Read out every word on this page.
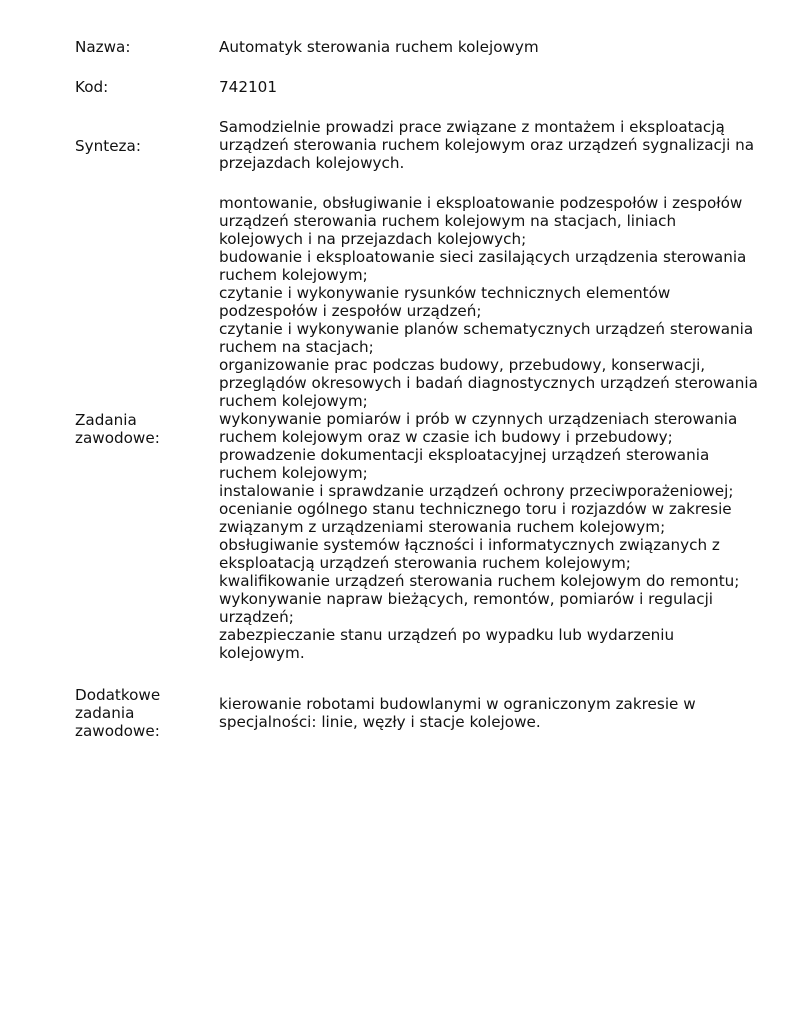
Nazwa:	Automatyk sterowania ruchem kolejowym
Kod:	742101
Synteza:
Samodzielnie prowadzi prace związane z montażem i eksploatacją urządzeń sterowania ruchem kolejowym oraz urządzeń sygnalizacji na przejazdach kolejowych.
Zadania
zawodowe:
montowanie, obsługiwanie i eksploatowanie podzespołów i zespołów urządzeń sterowania ruchem kolejowym na stacjach, liniach kolejowych i na przejazdach kolejowych;
budowanie i eksploatowanie sieci zasilających urządzenia sterowania ruchem kolejowym;
czytanie i wykonywanie rysunków technicznych elementów podzespołów i zespołów urządzeń;
czytanie i wykonywanie planów schematycznych urządzeń sterowania ruchem na stacjach;
organizowanie prac podczas budowy, przebudowy, konserwacji, przeglądów okresowych i badań diagnostycznych urządzeń sterowania ruchem kolejowym;
wykonywanie pomiarów i prób w czynnych urządzeniach sterowania ruchem kolejowym oraz w czasie ich budowy i przebudowy;
prowadzenie dokumentacji eksploatacyjnej urządzeń sterowania ruchem kolejowym;
instalowanie i sprawdzanie urządzeń ochrony przeciwporażeniowej;
ocenianie ogólnego stanu technicznego toru i rozjazdów w zakresie związanym z urządzeniami sterowania ruchem kolejowym;
obsługiwanie systemów łączności i informatycznych związanych z eksploatacją urządzeń sterowania ruchem kolejowym;
kwalifikowanie urządzeń sterowania ruchem kolejowym do remontu;
wykonywanie napraw bieżących, remontów, pomiarów i regulacji urządzeń;
zabezpieczanie stanu urządzeń po wypadku lub wydarzeniu kolejowym.
Dodatkowe
zadania
zawodowe:
kierowanie robotami budowlanymi w ograniczonym zakresie w specjalności: linie, węzły i stacje kolejowe.
